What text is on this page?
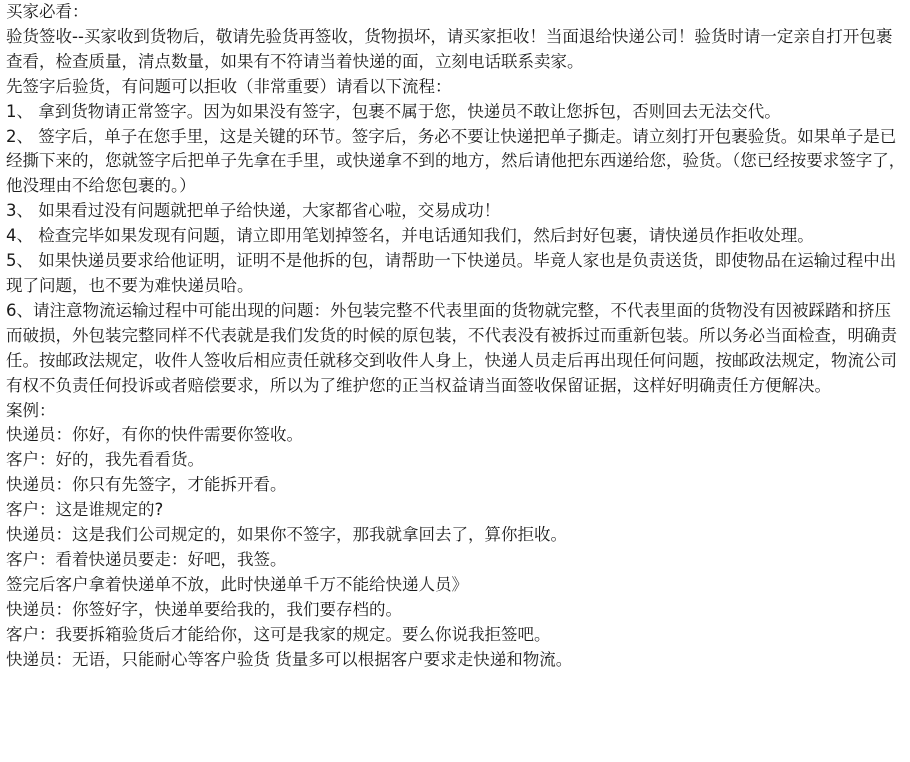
买家必看：

验货签收--买家收到货物后，敬请先验货再签收，货物损坏，请买家拒收！当面退给快递公司！验货时请一定亲自打开包裹查看，检查质量，清点数量，如果有不符请当着快递的面，立刻电话联系卖家。

先签字后验货，有问题可以拒收（非常重要）请看以下流程：

1、 拿到货物请正常签字。因为如果没有签字，包裹不属于您，快递员不敢让您拆包，否则回去无法交代。

2、 签字后，单子在您手里，这是关键的环节。签字后，务必不要让快递把单子撕走。请立刻打开包裹验货。如果单子是已经撕下来的，您就签字后把单子先拿在手里，或快递拿不到的地方，然后请他把东西递给您，验货。（您已经按要求签字了，他没理由不给您包裹的。）

3、 如果看过没有问题就把单子给快递，大家都省心啦，交易成功！

4、 检查完毕如果发现有问题，请立即用笔划掉签名，并电话通知我们，然后封好包裹，请快递员作拒收处理。

5、 如果快递员要求给他证明，证明不是他拆的包，请帮助一下快递员。毕竟人家也是负责送货，即使物品在运输过程中出现了问题，也不要为难快递员哈。

6、请注意物流运输过程中可能出现的问题：外包装完整不代表里面的货物就完整，不代表里面的货物没有因被踩踏和挤压而破损，外包装完整同样不代表就是我们发货的时候的原包装，不代表没有被拆过而重新包装。所以务必当面检查，明确责任。按邮政法规定，收件人签收后相应责任就移交到收件人身上，快递人员走后再出现任何问题，按邮政法规定，物流公司有权不负责任何投诉或者赔偿要求，所以为了维护您的正当权益请当面签收保留证据，这样好明确责任方便解决。

案例：

快递员：你好，有你的快件需要你签收。

客户：好的，我先看看货。

快递员：你只有先签字，才能拆开看。

客户：这是谁规定的?

快递员：这是我们公司规定的，如果你不签字，那我就拿回去了，算你拒收。

客户：看着快递员要走：好吧，我签。

签完后客户拿着快递单不放，此时快递单千万不能给快递人员》

快递员：你签好字，快递单要给我的，我们要存档的。

客户：我要拆箱验货后才能给你，这可是我家的规定。要么你说我拒签吧。

快递员：无语，只能耐心等客户验货 货量多可以根据客户要求走快递和物流。
